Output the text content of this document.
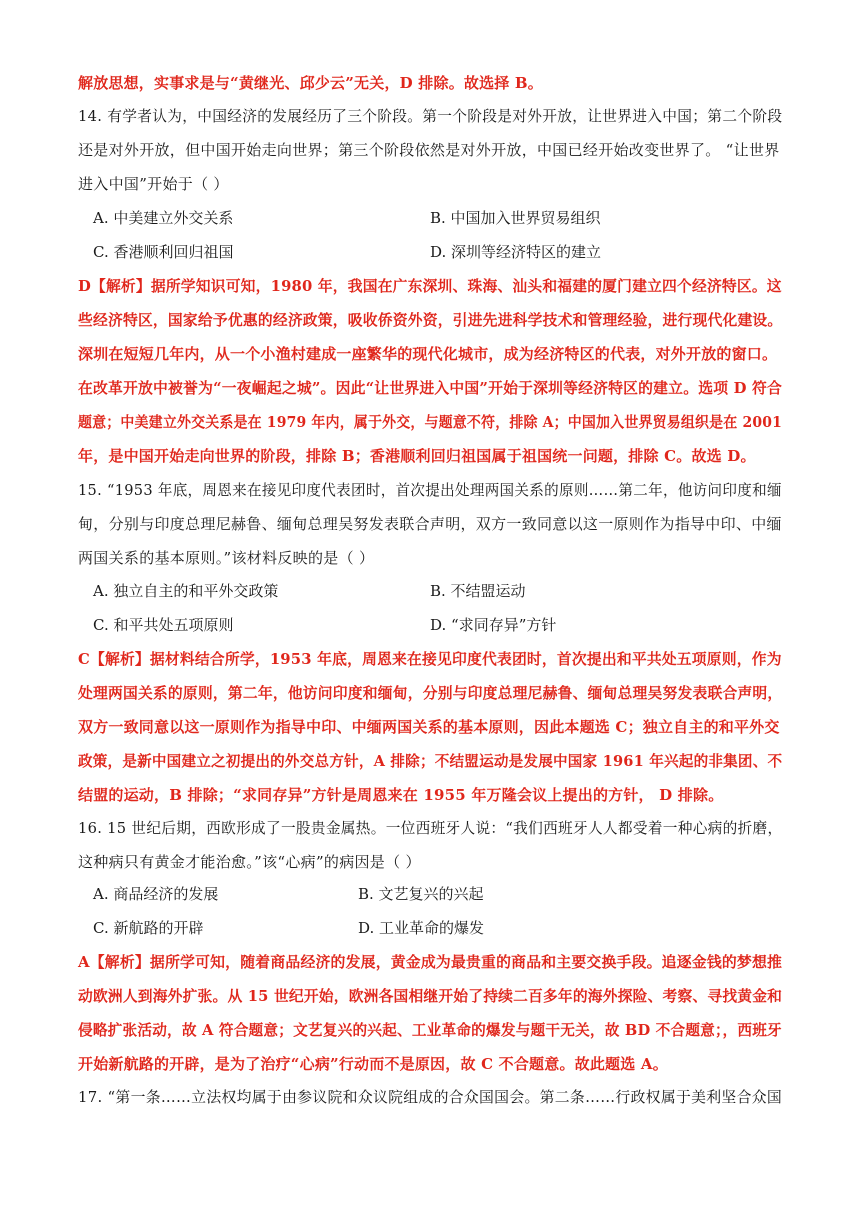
解放思想，实事求是与“黄继光、邱少云”无关，D 排除。故选择 B。
14. 有学者认为，中国经济的发展经历了三个阶段。第一个阶段是对外开放，让世界进入中国；第二个阶段
还是对外开放，但中国开始走向世界；第三个阶段依然是对外开放，中国已经开始改变世界了。 “让世界
进入中国”开始于（ ）
A. 中美建立外交关系	B. 中国加入世界贸易组织
C. 香港顺利回归祖国	D. 深圳等经济特区的建立
D【解析】据所学知识可知，1980 年，我国在广东深圳、珠海、汕头和福建的厦门建立四个经济特区。这
些经济特区，国家给予优惠的经济政策，吸收侨资外资，引进先进科学技术和管理经验，进行现代化建设。
深圳在短短几年内，从一个小渔村建成一座繁华的现代化城市，成为经济特区的代表，对外开放的窗口。
在改革开放中被誉为“一夜崛起之城”。因此“让世界进入中国”开始于深圳等经济特区的建立。选项 D 符合
题意；中美建立外交关系是在 1979 年内，属于外交，与题意不符，排除 A；中国加入世界贸易组织是在 2001
年，是中国开始走向世界的阶段，排除 B；香港顺利回归祖国属于祖国统一问题，排除 C。故选 D。
15. “1953 年底，周恩来在接见印度代表团时，首次提出处理两国关系的原则……第二年，他访问印度和缅
甸，分别与印度总理尼赫鲁、缅甸总理吴努发表联合声明，双方一致同意以这一原则作为指导中印、中缅
两国关系的基本原则。”该材料反映的是（ ）
A. 独立自主的和平外交政策	B. 不结盟运动
C. 和平共处五项原则	D. “求同存异”方针
C【解析】据材料结合所学，1953 年底，周恩来在接见印度代表团时，首次提出和平共处五项原则，作为
处理两国关系的原则，第二年，他访问印度和缅甸，分别与印度总理尼赫鲁、缅甸总理吴努发表联合声明，
双方一致同意以这一原则作为指导中印、中缅两国关系的基本原则，因此本题选 C；独立自主的和平外交
政策，是新中国建立之初提出的外交总方针，A 排除；不结盟运动是发展中国家 1961 年兴起的非集团、不
结盟的运动，B 排除；“求同存异”方针是周恩来在 1955 年万隆会议上提出的方针， D 排除。
16. 15 世纪后期，西欧形成了一股贵金属热。一位西班牙人说：“我们西班牙人人都受着一种心病的折磨，
这种病只有黄金才能治愈。”该“心病”的病因是（ ）
A. 商品经济的发展	B. 文艺复兴的兴起
C. 新航路的开辟	D. 工业革命的爆发
A【解析】据所学可知，随着商品经济的发展，黄金成为最贵重的商品和主要交换手段。追逐金钱的梦想推
动欧洲人到海外扩张。从 15 世纪开始，欧洲各国相继开始了持续二百多年的海外探险、考察、寻找黄金和
侵略扩张活动，故 A 符合题意；文艺复兴的兴起、工业革命的爆发与题干无关，故 BD 不合题意；，西班牙
开始新航路的开辟，是为了治疗“心病”行动而不是原因，故 C 不合题意。故此题选 A。
17. “第一条……立法权均属于由参议院和众议院组成的合众国国会。第二条……行政权属于美利坚合众国
